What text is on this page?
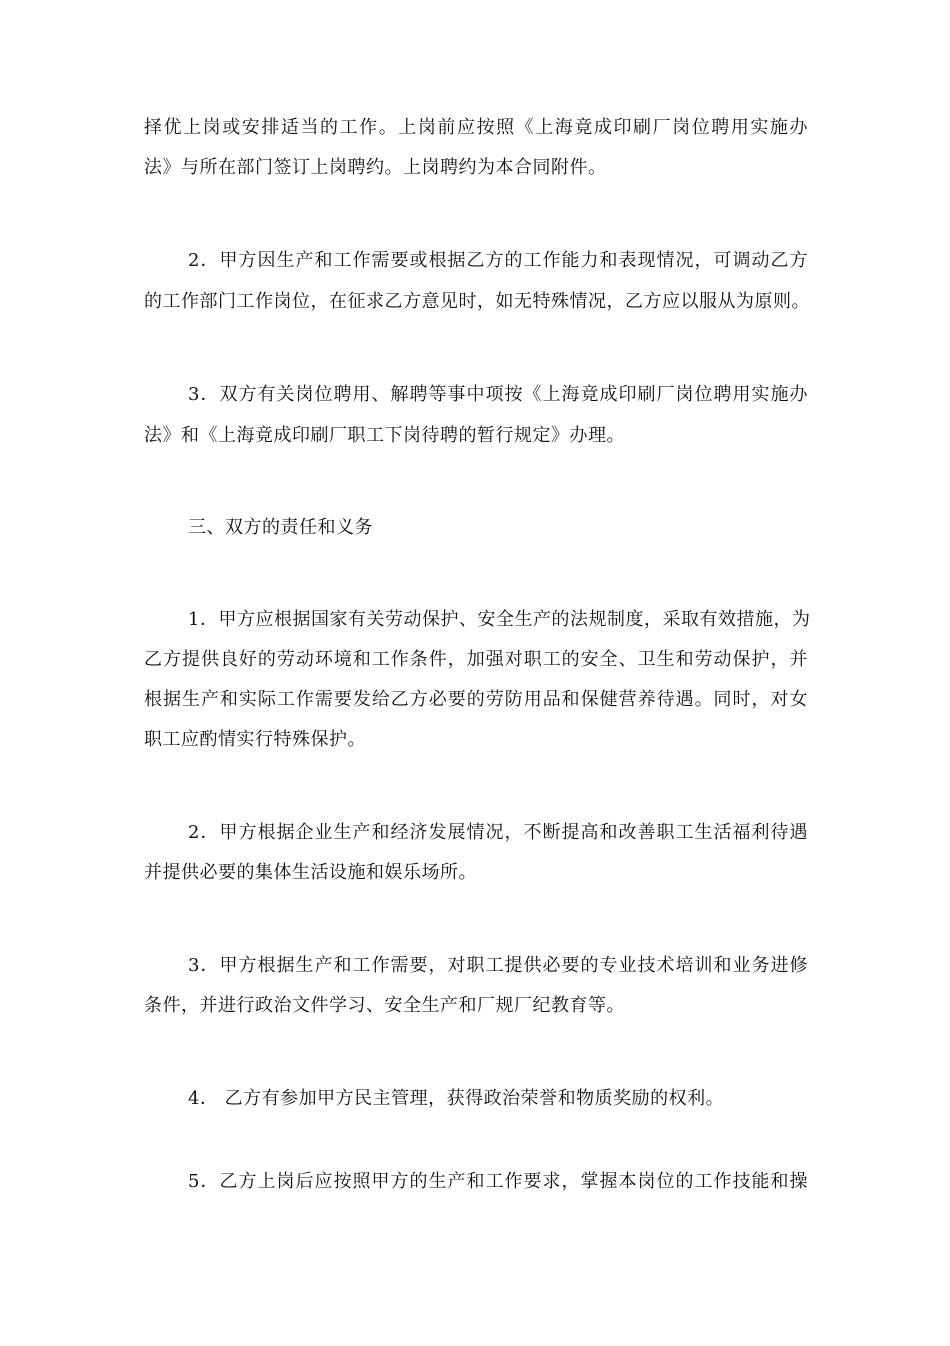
择优上岗或安排适当的工作。上岗前应按照《上海竟成印刷厂岗位聘用实施办
法》与所在部门签订上岗聘约。上岗聘约为本合同附件。
2．甲方因生产和工作需要或根据乙方的工作能力和表现情况，可调动乙方
的工作部门工作岗位，在征求乙方意见时，如无特殊情况，乙方应以服从为原则。
3．双方有关岗位聘用、解聘等事中项按《上海竟成印刷厂岗位聘用实施办
法》和《上海竟成印刷厂职工下岗待聘的暂行规定》办理。
三、双方的责任和义务
1．甲方应根据国家有关劳动保护、安全生产的法规制度，采取有效措施，为
乙方提供良好的劳动环境和工作条件，加强对职工的安全、卫生和劳动保护，并
根据生产和实际工作需要发给乙方必要的劳防用品和保健营养待遇。同时，对女
职工应酌情实行特殊保护。
2．甲方根据企业生产和经济发展情况，不断提高和改善职工生活福利待遇
并提供必要的集体生活设施和娱乐场所。
3．甲方根据生产和工作需要，对职工提供必要的专业技术培训和业务进修
条件，并进行政治文件学习、安全生产和厂规厂纪教育等。
4． 乙方有参加甲方民主管理，获得政治荣誉和物质奖励的权利。
5．乙方上岗后应按照甲方的生产和工作要求，掌握本岗位的工作技能和操
